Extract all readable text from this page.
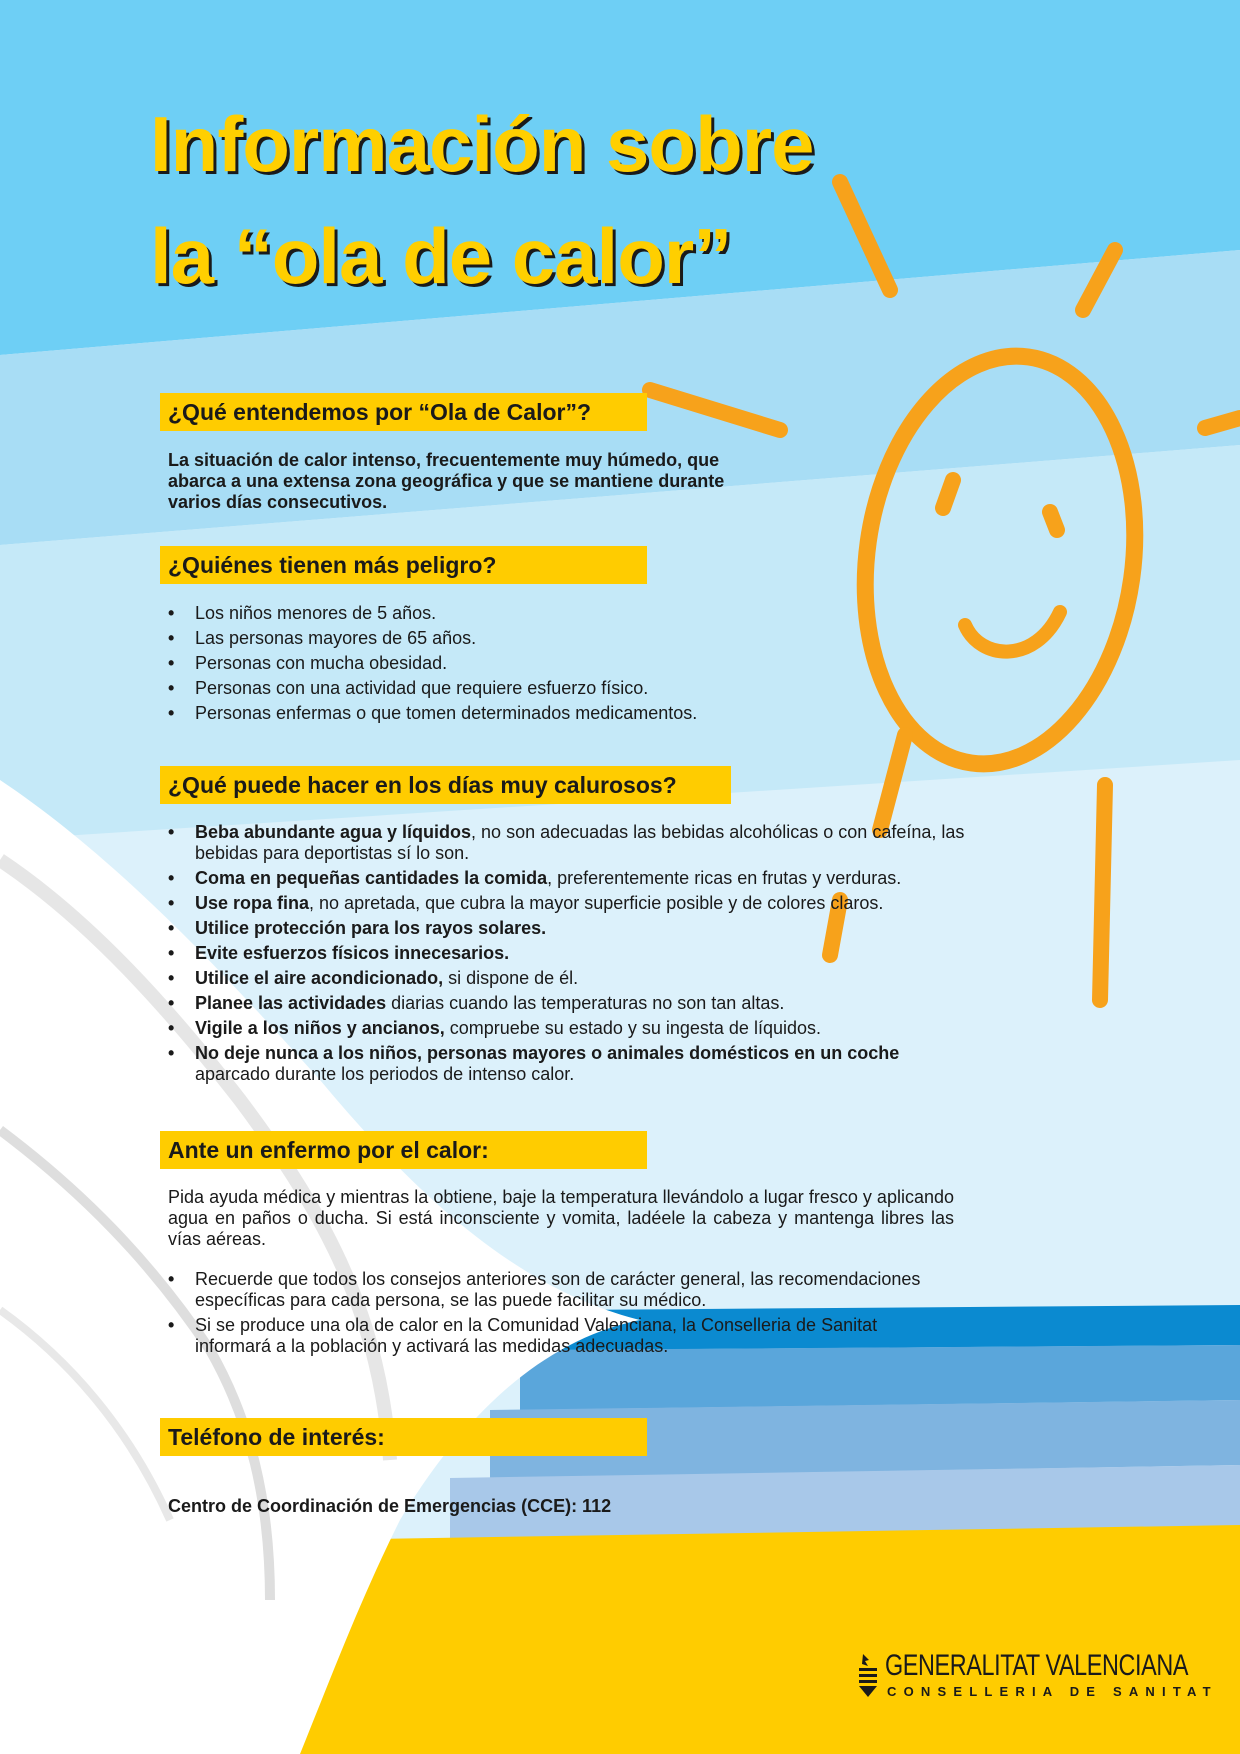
Información sobre
la “ola de calor”
¿Qué entendemos por “Ola de Calor”?

La situación de calor intenso, frecuentemente muy húmedo, que abarca a una extensa zona geográfica y que se mantiene durante varios días consecutivos.

¿Quiénes tienen más peligro?
• Los niños menores de 5 años.
• Las personas mayores de 65 años.
• Personas con mucha obesidad.
• Personas con una actividad que requiere esfuerzo físico.
• Personas enfermas o que tomen determinados medicamentos.
¿Qué puede hacer en los días muy calurosos?
• Beba abundante agua y líquidos, no son adecuadas las bebidas alcohólicas o con cafeína, las bebidas para deportistas sí lo son.
• Coma en pequeñas cantidades la comida, preferentemente ricas en frutas y verduras.
• Use ropa fina, no apretada, que cubra la mayor superficie posible y de colores claros.
• Utilice protección para los rayos solares.
• Evite esfuerzos físicos innecesarios.
• Utilice el aire acondicionado, si dispone de él.
• Planee las actividades diarias cuando las temperaturas no son tan altas.
• Vigile a los niños y ancianos, compruebe su estado y su ingesta de líquidos.
• No deje nunca a los niños, personas mayores o animales domésticos en un coche aparcado durante los periodos de intenso calor.
Ante un enfermo por el calor:

Pida ayuda médica y mientras la obtiene, baje la temperatura llevándolo a lugar fresco y aplicando agua en paños o ducha. Si está inconsciente y vomita, ladéele la cabeza y mantenga libres las vías aéreas.

• Recuerde que todos los consejos anteriores son de carácter general, las recomendaciones específicas para cada persona, se las puede facilitar su médico.
• Si se produce una ola de calor en la Comunidad Valenciana, la Conselleria de Sanitat informará a la población y activará las medidas adecuadas.
Teléfono de interés:

Centro de Coordinación de Emergencias (CCE): 112

GENERALITAT VALENCIANA
CONSELLERIA DE SANITAT
